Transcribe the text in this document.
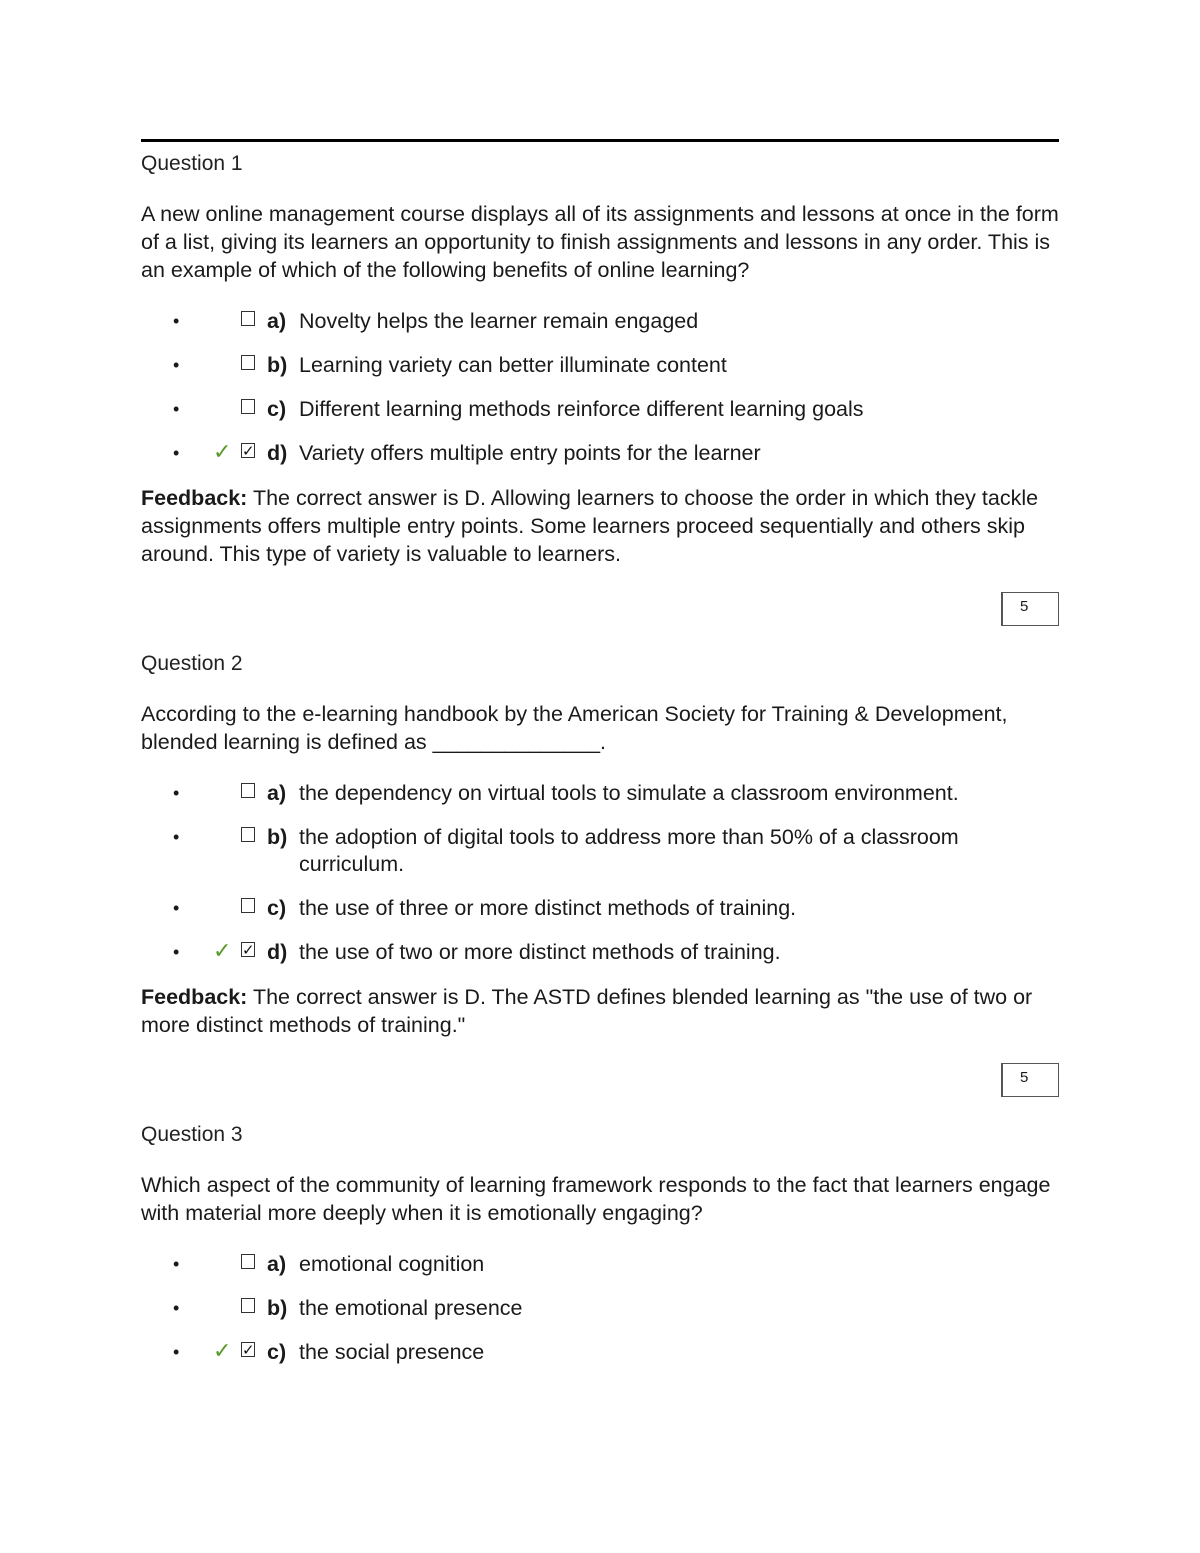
Question 1

A new online management course displays all of its assignments and lessons at once in the form of a list, giving its learners an opportunity to finish assignments and lessons in any order. This is an example of which of the following benefits of online learning?

•	a) Novelty helps the learner remain engaged
•	b) Learning variety can better illuminate content
•	c) Different learning methods reinforce different learning goals
• ✓ ✓ d) Variety offers multiple entry points for the learner

Feedback: The correct answer is D. Allowing learners to choose the order in which they tackle assignments offers multiple entry points. Some learners proceed sequentially and others skip around. This type of variety is valuable to learners.

5

Question 2

According to the e-learning handbook by the American Society for Training & Development, blended learning is defined as ______________.

•	a) the dependency on virtual tools to simulate a classroom environment.
•	b) the adoption of digital tools to address more than 50% of a classroom curriculum.
•	c) the use of three or more distinct methods of training.
• ✓ ✓ d) the use of two or more distinct methods of training.

Feedback: The correct answer is D. The ASTD defines blended learning as "the use of two or more distinct methods of training."

5

Question 3

Which aspect of the community of learning framework responds to the fact that learners engage with material more deeply when it is emotionally engaging?

•	a) emotional cognition
•	b) the emotional presence
• ✓ ✓ c) the social presence
